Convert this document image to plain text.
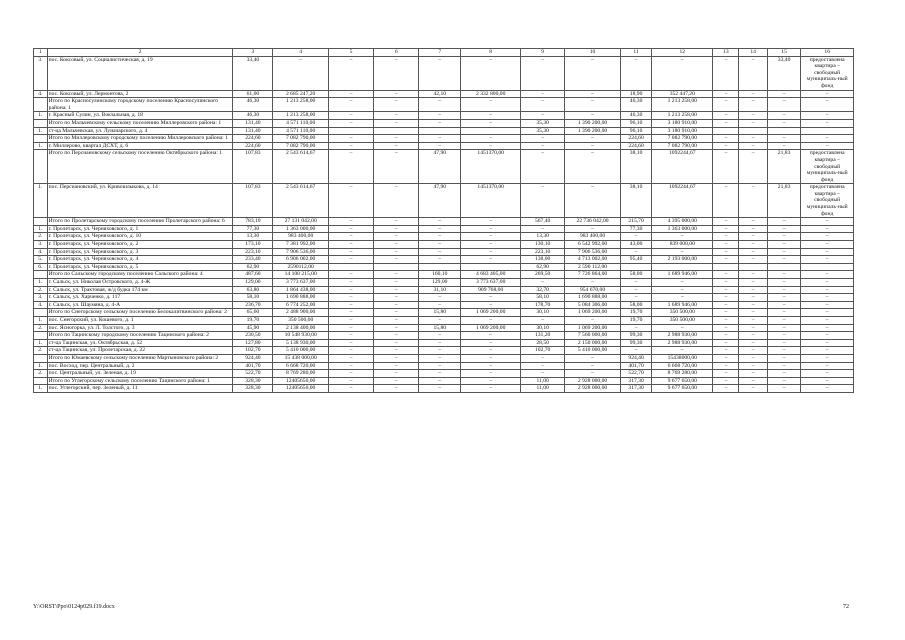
1	2	3	4	5	6	7	8	9	10	11	12	13	14	15	16
3.	пос. Коксовый, ул. Социалистическая, д. 19	33,40	–	–	–	–	–	–	–	–	–	–	–	33,40	предоставлена квартира – свободный муниципаль-ный фонд
4.	пос. Коксовый, ул. Лермонтова, 2	61,00	2 685 247,20	–	–	42,10	2 332 800,00	–	–	18,90	352 447,20	–	–	–	–
	Итого по Красносулинскому городскому поселению Красносулинского района: 1	46,30	1 213 258,00	–	–	–	–	–	–	46,30	1 213 258,00	–	–	–	–
1.	г. Красный Сулин, ул. Вокзальная, д. 18	46,30	1 213 258,00	–	–	–	–	–	–	46,30	1 213 258,00	–	–	–	–
	Итого по Мальчевскому сельскому поселению Миллеровского района: 1	131,40	4 571 110,00	–	–	–	–	35,30	1 390 200,00	96,10	3 180 910,00	–	–	–	–
1.	ст-ца Мальчевская, ул. Луначарского, д. 4	131,40	4 571 110,00					35,30	1 390 200,00	96,10	3 180 910,00				
	Итого по Миллеровскому городскому поселению Миллеровского района: 1	224,60	7 082 790,00	–	–	–	–	–	–	224,60	7 082 790,00	–	–	–	–
1.	г. Миллерово, квартал ДСХТ, д. 6	224,60	7 082 790,00	–	–	–	–	–	–	224,60	7 082 790,00	–	–	–	–
	Итого по Персиановскому сельскому поселению Октябрьского района: 1	107,83	2 543 614,67	–	–	47,90	1451370,00	–	–	38,10	1092244,67	–	–	21,83	предоставлена квартира – свободный муниципаль-ный фонд
1.	пос. Персиановский, ул. Кривошлыкова, д. 14	107,83	2 543 614,67	–	–	47,90	1451370,00	–	–	38,10	1092244,67	–	–	21,83	предоставлена квартира – свободный муниципаль-ный фонд
	Итого по Пролетарскому городскому поселению Пролетарского района: 6	783,10	27 131 042,00	–	–	–	–	567,40	22 736 042,00	215,70	4 395 000,00	–	–	–	–
1.	г. Пролетарск, ул. Черняховского, д. 1	77,30	1 363 000,00	–	–	–	–	–	–	77,30	1 363 000,00	–	–	–	–
2.	г. Пролетарск, ул. Черняховского, д. 10	13,30	983 400,00	–	–	–	–	13,30	983 400,00	–	–	–	–	–	–
3.	г. Пролетарск, ул. Черняховского, д. 2	173,10	7 381 992,00	–	–	–	–	130,10	6 542 992,00	43,00	839 000,00	–	–	–	–
4.	г. Пролетарск, ул. Черняховского, д. 3	223,10	7 906 536,00	–	–	–	–	223,10	7 906 536,00	–	–	–	–	–	–
5.	г. Пролетарск, ул. Черняховского, д. 4	233,40	6 906 002,00	–	–	–	–	138,00	4 713 002,00	95,40	2 193 000,00	–	–	–	–
6.	г. Пролетарск, ул. Черняховского, д. 5	62,90	2590112,00					62,90	2 590 112,00						
	Итого по Сальскому городскому поселению Сальского района: 4	487,60	14 100 215,00	–	–	160,10	4 683 405,00	269,50	7 726 864,00	58,00	1 689 946,00	–	–	–	–
1.	г. Сальск, ул. Николая Островского, д. 4-Ж	129,00	3 773 637,00	–	–	129,00	3 773 637,00	–	–	–	–	–	–	–	–
2.	г. Сальск, ул. Трактовая, ж/д будка 174 км	63,80	1 864 438,00	–	–	31,10	909 768,00	32,70	954 670,00	–	–	–	–	–	–
3.	г. Сальск, ул. Харченко, д. 117	58,10	1 690 888,00	–	–	–	–	58,10	1 690 888,00	–	–	–	–	–	–
4.	г. Сальск, ул. Шаумяна, д. 4-А	236,70	6 774 252,00	–	–	–	–	178,70	5 084 306,00	58,00	1 689 946,00	–	–	–	–
	Итого по Снегорскому сельскому поселению Белокалитвинского района: 2	65,60	2 488 900,00	–	–	15,80	1 069 200,00	30,10	1 069 200,00	19,70	350 500,00	–	–	–	–
1.	пос. Снегорский, ул. Кошевого, д. 1	19,70	350 500,00	–	–	–	–	–	–	19,70	350 500,00	–	–	–	–
2.	пос. Ясногорка, ул. Л. Толстого, д. 3	45,90	2 138 400,00	–	–	15,80	1 069 200,00	30,10	1 069 200,00	–	–	–	–	–	–
	Итого по Тацинскому городскому поселению Тацинского района: 2	230,50	10 548 930,00	–	–	–	–	131,20	7 560 000,00	99,30	2 988 930,00	–	–	–	–
1.	ст-ца Тацинская, ул. Октябрьская, д. 52	127,80	5 138 930,00	–	–	–	–	28,50	2 150 000,00	99,30	2 988 930,00	–	–	–	–
2.	ст-ца Тацинская, ул. Пролетарская, д. 22	102,70	5 410 000,00	–	–	–	–	102,70	5 410 000,00	–	–	–	–	–	–
	Итого по Юмаевскому сельскому поселению Мартыновского района: 2	924,40	15 438 000,00	–	–	–	–	–	–	924,40	15438000,00	–	–	–	–
1.	пос. Восход, пер. Центральный, д. 2	401,70	6 668 720,00	–	–	–	–	–	–	401,70	6 668 720,00	–	–	–	–
2.	пос. Центральный, ул. Зеленая, д. 19	522,70	8 769 280,00	–	–	–	–	–	–	522,70	8 769 280,00	–	–	–	–
	Итого по Углегорскому сельскому поселению Тацинского района: 1	328,30	12405650,00	–	–	–	–	11,00	2 928 000,00	317,30	9 677 650,00	–	–	–	–
1.	пос. Углегорский, пер. Зеленый, д. 11	328,30	12405650,00	–	–	–	–	11,00	2 928 000,00	317,30	9 677 650,00	–	–	–	–
Y:\ORST\Ppo\0124p029.f19.docx	72
